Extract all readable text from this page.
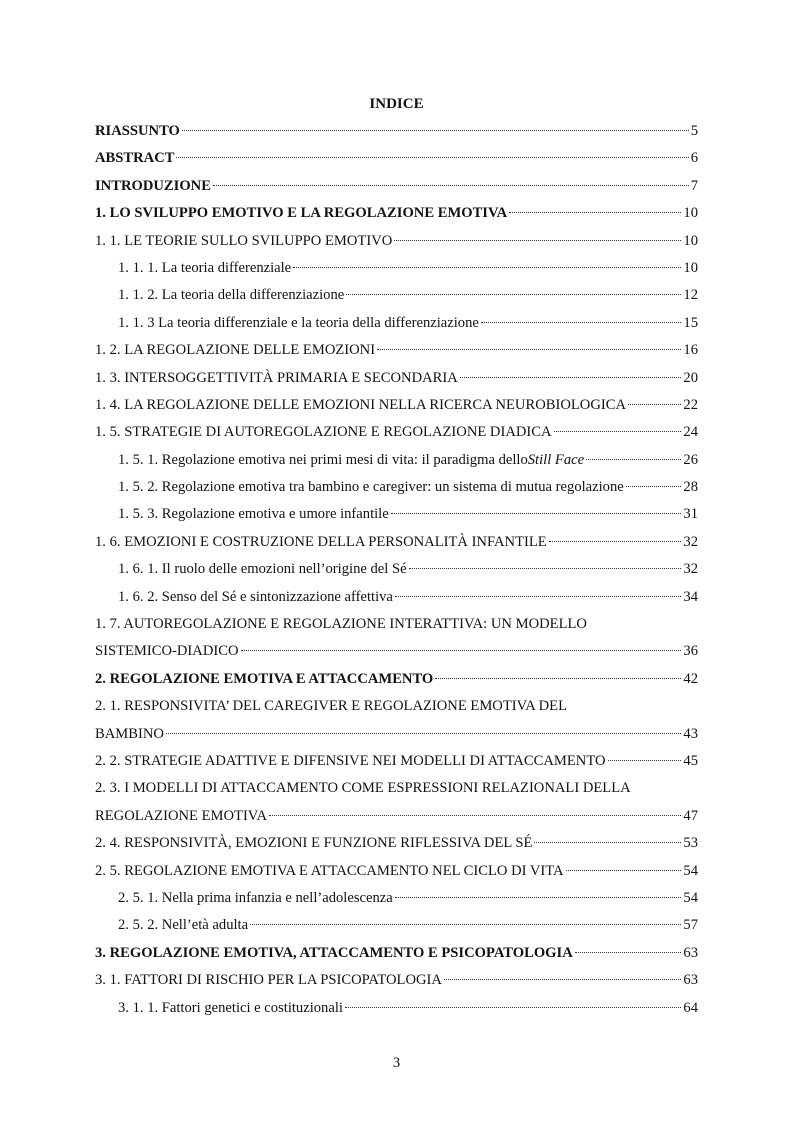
INDICE
RIASSUNTO	5
ABSTRACT	6
INTRODUZIONE	7
1. LO SVILUPPO EMOTIVO E LA REGOLAZIONE EMOTIVA	10
1. 1. LE TEORIE SULLO SVILUPPO EMOTIVO	10
1. 1. 1. La teoria differenziale	10
1. 1. 2. La teoria della differenziazione	12
1. 1. 3 La teoria differenziale e la teoria della differenziazione	15
1. 2. LA REGOLAZIONE DELLE EMOZIONI	16
1. 3. INTERSOGGETTIVITÀ PRIMARIA E SECONDARIA	20
1. 4. LA REGOLAZIONE DELLE EMOZIONI NELLA RICERCA NEUROBIOLOGICA	22
1. 5. STRATEGIE DI AUTOREGOLAZIONE E REGOLAZIONE DIADICA	24
1. 5. 1. Regolazione emotiva nei primi mesi di vita: il paradigma dello Still Face	26
1. 5. 2. Regolazione emotiva tra bambino e caregiver: un sistema di mutua regolazione	28
1. 5. 3. Regolazione emotiva e umore infantile	31
1. 6. EMOZIONI E COSTRUZIONE DELLA PERSONALITÀ INFANTILE	32
1. 6. 1. Il ruolo delle emozioni nell’origine del Sé	32
1. 6. 2. Senso del Sé e sintonizzazione affettiva	34
1. 7. AUTOREGOLAZIONE E REGOLAZIONE INTERATTIVA: UN MODELLO
SISTEMICO-DIADICO	36
2. REGOLAZIONE EMOTIVA E ATTACCAMENTO	42
2. 1. RESPONSIVITA’ DEL CAREGIVER E REGOLAZIONE EMOTIVA DEL
BAMBINO	43
2. 2. STRATEGIE ADATTIVE E DIFENSIVE NEI MODELLI DI ATTACCAMENTO	45
2. 3. I MODELLI DI ATTACCAMENTO COME ESPRESSIONI RELAZIONALI DELLA
REGOLAZIONE EMOTIVA	47
2. 4. RESPONSIVITÀ, EMOZIONI E FUNZIONE RIFLESSIVA DEL SÉ	53
2. 5. REGOLAZIONE EMOTIVA E ATTACCAMENTO NEL CICLO DI VITA	54
2. 5. 1. Nella prima infanzia e nell’adolescenza	54
2. 5. 2. Nell’età adulta	57
3. REGOLAZIONE EMOTIVA, ATTACCAMENTO E PSICOPATOLOGIA	63
3. 1. FATTORI DI RISCHIO PER LA PSICOPATOLOGIA	63
3. 1. 1. Fattori genetici e costituzionali	64
3
